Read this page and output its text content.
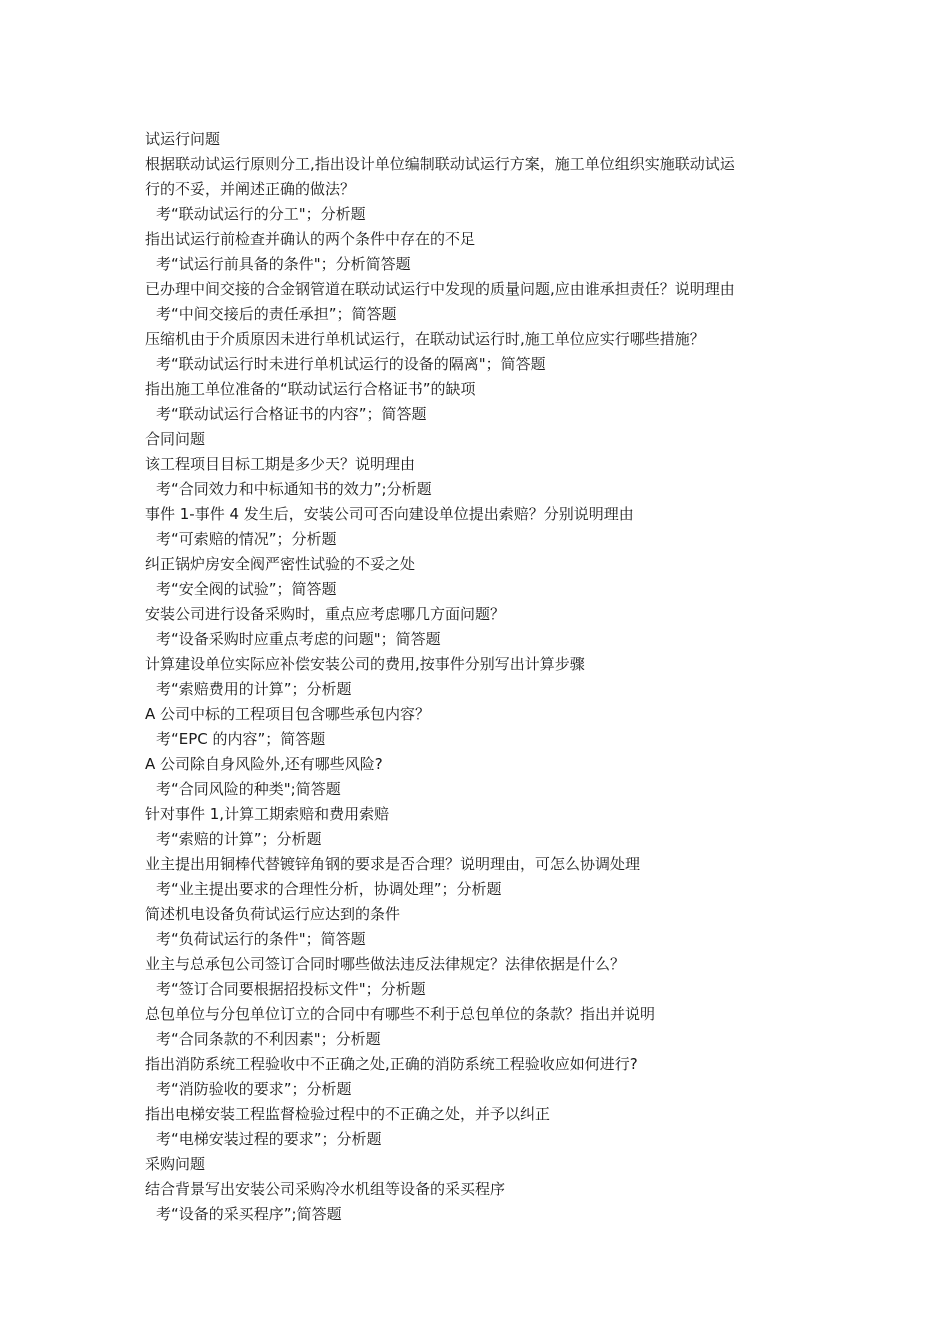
试运行问题
根据联动试运行原则分工,指出设计单位编制联动试运行方案，施工单位组织实施联动试运
行的不妥，并阐述正确的做法？
考“联动试运行的分工"；分析题
指出试运行前检查并确认的两个条件中存在的不足
考“试运行前具备的条件"；分析简答题
已办理中间交接的合金钢管道在联动试运行中发现的质量问题,应由谁承担责任？说明理由
考“中间交接后的责任承担”；简答题
压缩机由于介质原因未进行单机试运行，在联动试运行时,施工单位应实行哪些措施？
考“联动试运行时未进行单机试运行的设备的隔离"；简答题
指出施工单位准备的“联动试运行合格证书”的缺项
考“联动试运行合格证书的内容”；简答题
合同问题
该工程项目目标工期是多少天？说明理由
考“合同效力和中标通知书的效力”;分析题
事件 1-事件 4 发生后，安装公司可否向建设单位提出索赔？分别说明理由
考“可索赔的情况”；分析题
纠正锅炉房安全阀严密性试验的不妥之处
考“安全阀的试验”；简答题
安装公司进行设备采购时，重点应考虑哪几方面问题？
考“设备采购时应重点考虑的问题"；简答题
计算建设单位实际应补偿安装公司的费用,按事件分别写出计算步骤
考“索赔费用的计算”；分析题
A 公司中标的工程项目包含哪些承包内容？
考“EPC 的内容”；简答题
A 公司除自身风险外,还有哪些风险?
考“合同风险的种类";简答题
针对事件 1,计算工期索赔和费用索赔
考“索赔的计算”；分析题
业主提出用铜棒代替镀锌角钢的要求是否合理？说明理由，可怎么协调处理
考“业主提出要求的合理性分析，协调处理”；分析题
简述机电设备负荷试运行应达到的条件
考“负荷试运行的条件"；简答题
业主与总承包公司签订合同时哪些做法违反法律规定？法律依据是什么？
考“签订合同要根据招投标文件"；分析题
总包单位与分包单位订立的合同中有哪些不利于总包单位的条款？指出并说明
考“合同条款的不利因素"；分析题
指出消防系统工程验收中不正确之处,正确的消防系统工程验收应如何进行?
考“消防验收的要求”；分析题
指出电梯安装工程监督检验过程中的不正确之处，并予以纠正
考“电梯安装过程的要求”；分析题
采购问题
结合背景写出安装公司采购冷水机组等设备的采买程序
考“设备的采买程序”;简答题
